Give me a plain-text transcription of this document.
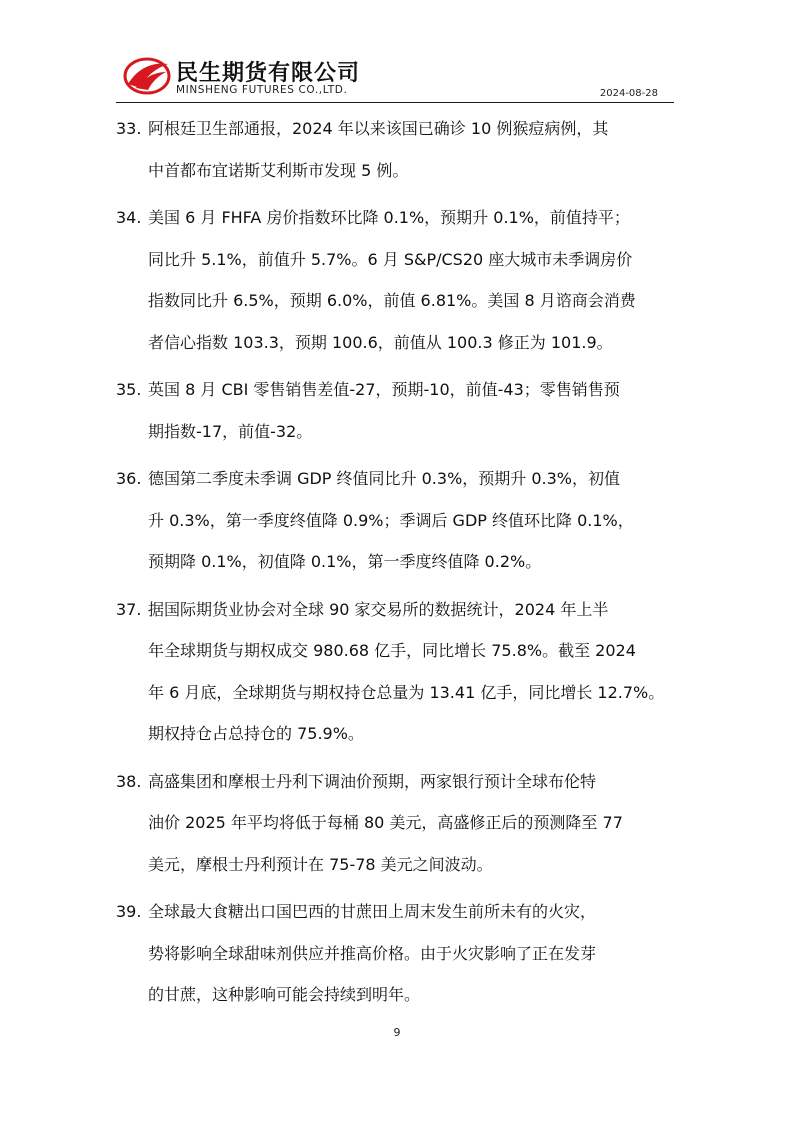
民生期货有限公司
MINSHENG FUTURES CO.,LTD.	2024-08-28
33. 阿根廷卫生部通报，2024 年以来该国已确诊 10 例猴痘病例，其
中首都布宜诺斯艾利斯市发现 5 例。
34. 美国 6 月 FHFA 房价指数环比降 0.1%，预期升 0.1%，前值持平；
同比升 5.1%，前值升 5.7%。6 月 S&P/CS20 座大城市未季调房价
指数同比升 6.5%，预期 6.0%，前值 6.81%。美国 8 月谘商会消费
者信心指数 103.3，预期 100.6，前值从 100.3 修正为 101.9。
35. 英国 8 月 CBI 零售销售差值-27，预期-10，前值-43；零售销售预
期指数-17，前值-32。
36. 德国第二季度未季调 GDP 终值同比升 0.3%，预期升 0.3%，初值
升 0.3%，第一季度终值降 0.9%；季调后 GDP 终值环比降 0.1%，
预期降 0.1%，初值降 0.1%，第一季度终值降 0.2%。
37. 据国际期货业协会对全球 90 家交易所的数据统计，2024 年上半
年全球期货与期权成交 980.68 亿手，同比增长 75.8%。截至 2024
年 6 月底，全球期货与期权持仓总量为 13.41 亿手，同比增长 12.7%。
期权持仓占总持仓的 75.9%。
38. 高盛集团和摩根士丹利下调油价预期，两家银行预计全球布伦特
油价 2025 年平均将低于每桶 80 美元，高盛修正后的预测降至 77
美元，摩根士丹利预计在 75-78 美元之间波动。
39. 全球最大食糖出口国巴西的甘蔗田上周末发生前所未有的火灾，
势将影响全球甜味剂供应并推高价格。由于火灾影响了正在发芽
的甘蔗，这种影响可能会持续到明年。
9
